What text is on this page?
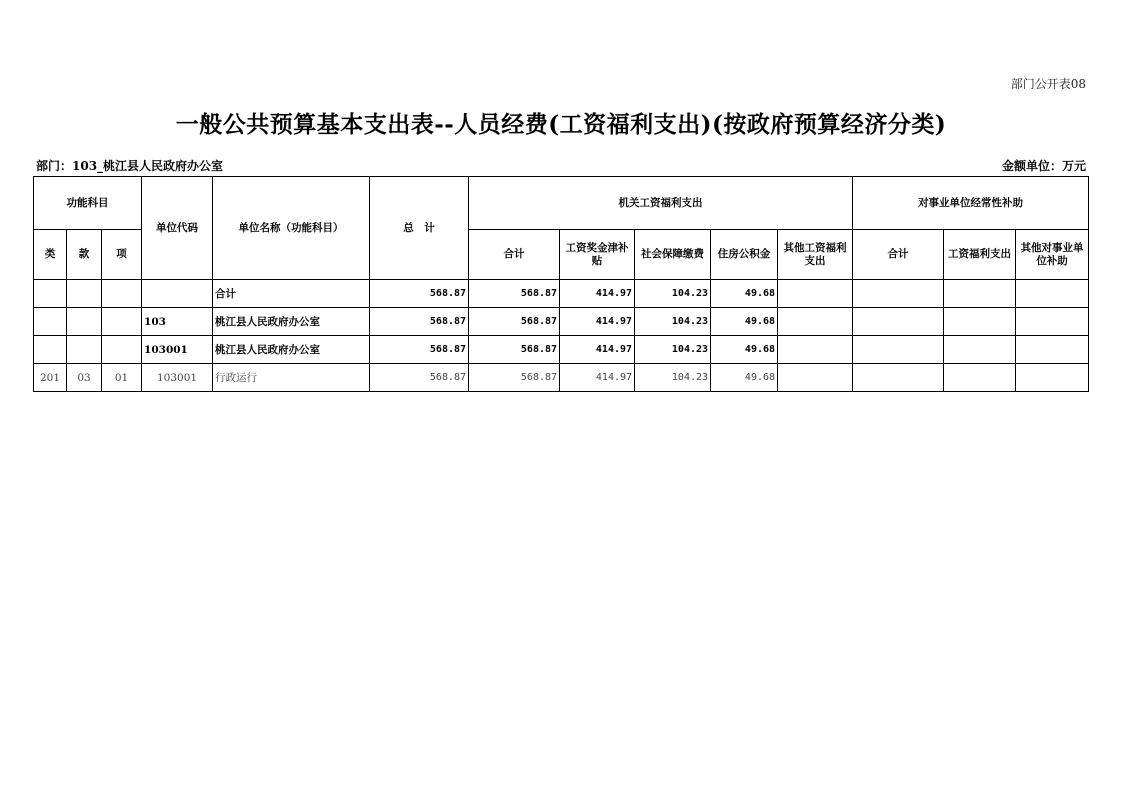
部门公开表08
一般公共预算基本支出表--人员经费(工资福利支出)(按政府预算经济分类)
部门：103_桃江县人民政府办公室	金额单位：万元
功能科目			单位代码	单位名称（功能科目）	总　计	机关工资福利支出					对事业单位经常性补助		
类	款	项				合计	工资奖金津补贴	社会保障缴费	住房公积金	其他工资福利支出	合计	工资福利支出	其他对事业单位补助
				合计	568.87	568.87	414.97	104.23	49.68				
			103	桃江县人民政府办公室	568.87	568.87	414.97	104.23	49.68				
			103001	桃江县人民政府办公室	568.87	568.87	414.97	104.23	49.68				
201	03	01	103001	行政运行	568.87	568.87	414.97	104.23	49.68				
